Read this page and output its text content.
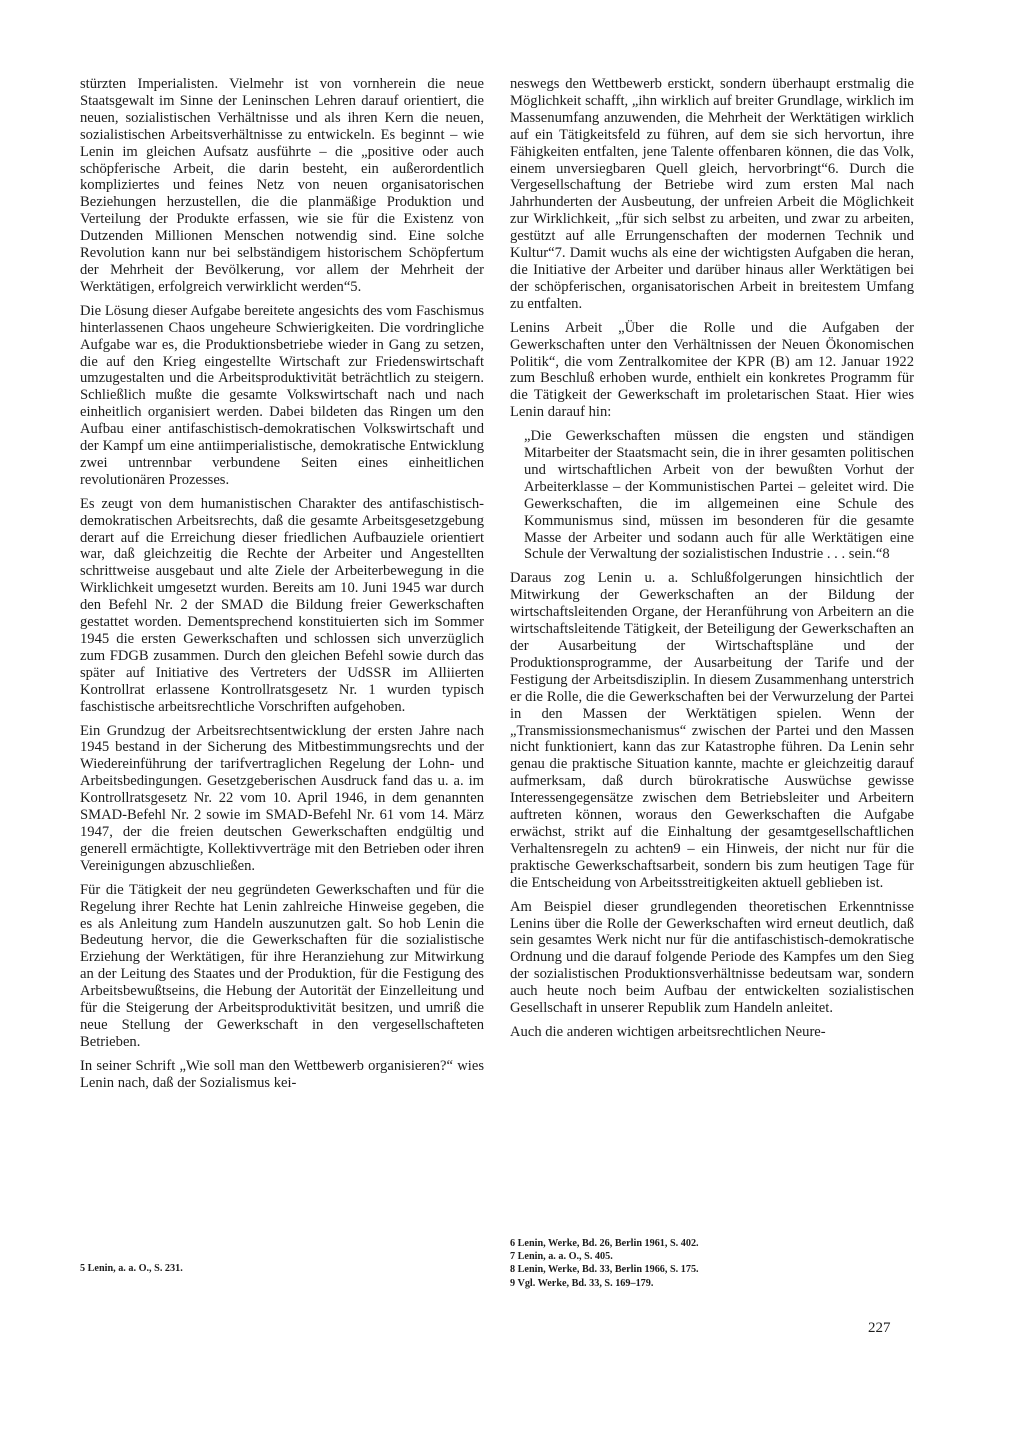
stürzten Imperialisten. Vielmehr ist von vornherein die neue Staatsgewalt im Sinne der Leninschen Lehren darauf orientiert, die neuen, sozialistischen Verhältnisse und als ihren Kern die neuen, sozialistischen Arbeitsverhältnisse zu entwickeln. Es beginnt – wie Lenin im gleichen Aufsatz ausführte – die „positive oder auch schöpferische Arbeit, die darin besteht, ein außerordentlich kompliziertes und feines Netz von neuen organisatorischen Beziehungen herzustellen, die die planmäßige Produktion und Verteilung der Produkte erfassen, wie sie für die Existenz von Dutzenden Millionen Menschen notwendig sind. Eine solche Revolution kann nur bei selbständigem historischem Schöpfertum der Mehrheit der Bevölkerung, vor allem der Mehrheit der Werktätigen, erfolgreich verwirklicht werden“5.

Die Lösung dieser Aufgabe bereitete angesichts des vom Faschismus hinterlassenen Chaos ungeheure Schwierigkeiten. Die vordringliche Aufgabe war es, die Produktionsbetriebe wieder in Gang zu setzen, die auf den Krieg eingestellte Wirtschaft zur Friedenswirtschaft umzugestalten und die Arbeitsproduktivität beträchtlich zu steigern. Schließlich mußte die gesamte Volkswirtschaft nach und nach einheitlich organisiert werden. Dabei bildeten das Ringen um den Aufbau einer antifaschistisch-demokratischen Volkswirtschaft und der Kampf um eine antiimperialistische, demokratische Entwicklung zwei untrennbar verbundene Seiten eines einheitlichen revolutionären Prozesses.

Es zeugt von dem humanistischen Charakter des antifaschistisch-demokratischen Arbeitsrechts, daß die gesamte Arbeitsgesetzgebung derart auf die Erreichung dieser friedlichen Aufbauziele orientiert war, daß gleichzeitig die Rechte der Arbeiter und Angestellten schrittweise ausgebaut und alte Ziele der Arbeiterbewegung in die Wirklichkeit umgesetzt wurden. Bereits am 10. Juni 1945 war durch den Befehl Nr. 2 der SMAD die Bildung freier Gewerkschaften gestattet worden. Dementsprechend konstituierten sich im Sommer 1945 die ersten Gewerkschaften und schlossen sich unverzüglich zum FDGB zusammen. Durch den gleichen Befehl sowie durch das später auf Initiative des Vertreters der UdSSR im Alliierten Kontrollrat erlassene Kontrollratsgesetz Nr. 1 wurden typisch faschistische arbeitsrechtliche Vorschriften aufgehoben.

Ein Grundzug der Arbeitsrechtsentwicklung der ersten Jahre nach 1945 bestand in der Sicherung des Mitbestimmungsrechts und der Wiedereinführung der tarifvertraglichen Regelung der Lohn- und Arbeitsbedingungen. Gesetzgeberischen Ausdruck fand das u. a. im Kontrollratsgesetz Nr. 22 vom 10. April 1946, in dem genannten SMAD-Befehl Nr. 2 sowie im SMAD-Befehl Nr. 61 vom 14. März 1947, der die freien deutschen Gewerkschaften endgültig und generell ermächtigte, Kollektivverträge mit den Betrieben oder ihren Vereinigungen abzuschließen.

Für die Tätigkeit der neu gegründeten Gewerkschaften und für die Regelung ihrer Rechte hat Lenin zahlreiche Hinweise gegeben, die es als Anleitung zum Handeln auszunutzen galt. So hob Lenin die Bedeutung hervor, die die Gewerkschaften für die sozialistische Erziehung der Werktätigen, für ihre Heranziehung zur Mitwirkung an der Leitung des Staates und der Produktion, für die Festigung des Arbeitsbewußtseins, die Hebung der Autorität der Einzelleitung und für die Steigerung der Arbeitsproduktivität besitzen, und umriß die neue Stellung der Gewerkschaft in den vergesellschafteten Betrieben.

In seiner Schrift „Wie soll man den Wettbewerb organisieren?“ wies Lenin nach, daß der Sozialismus kei-

neswegs den Wettbewerb erstickt, sondern überhaupt erstmalig die Möglichkeit schafft, „ihn wirklich auf breiter Grundlage, wirklich im Massenumfang anzuwenden, die Mehrheit der Werktätigen wirklich auf ein Tätigkeitsfeld zu führen, auf dem sie sich hervortun, ihre Fähigkeiten entfalten, jene Talente offenbaren können, die das Volk, einem unversiegbaren Quell gleich, hervorbringt“6. Durch die Vergesellschaftung der Betriebe wird zum ersten Mal nach Jahrhunderten der Ausbeutung, der unfreien Arbeit die Möglichkeit zur Wirklichkeit, „für sich selbst zu arbeiten, und zwar zu arbeiten, gestützt auf alle Errungenschaften der modernen Technik und Kultur“7. Damit wuchs als eine der wichtigsten Aufgaben die heran, die Initiative der Arbeiter und darüber hinaus aller Werktätigen bei der schöpferischen, organisatorischen Arbeit in breitestem Umfang zu entfalten.

Lenins Arbeit „Über die Rolle und die Aufgaben der Gewerkschaften unter den Verhältnissen der Neuen Ökonomischen Politik“, die vom Zentralkomitee der KPR (B) am 12. Januar 1922 zum Beschluß erhoben wurde, enthielt ein konkretes Programm für die Tätigkeit der Gewerkschaft im proletarischen Staat. Hier wies Lenin darauf hin:

„Die Gewerkschaften müssen die engsten und ständigen Mitarbeiter der Staatsmacht sein, die in ihrer gesamten politischen und wirtschaftlichen Arbeit von der bewußten Vorhut der Arbeiterklasse – der Kommunistischen Partei – geleitet wird. Die Gewerkschaften, die im allgemeinen eine Schule des Kommunismus sind, müssen im besonderen für die gesamte Masse der Arbeiter und sodann auch für alle Werktätigen eine Schule der Verwaltung der sozialistischen Industrie . . . sein.“8

Daraus zog Lenin u. a. Schlußfolgerungen hinsichtlich der Mitwirkung der Gewerkschaften an der Bildung der wirtschaftsleitenden Organe, der Heranführung von Arbeitern an die wirtschaftsleitende Tätigkeit, der Beteiligung der Gewerkschaften an der Ausarbeitung der Wirtschaftspläne und der Produktionsprogramme, der Ausarbeitung der Tarife und der Festigung der Arbeitsdisziplin. In diesem Zusammenhang unterstrich er die Rolle, die die Gewerkschaften bei der Verwurzelung der Partei in den Massen der Werktätigen spielen. Wenn der „Transmissionsmechanismus“ zwischen der Partei und den Massen nicht funktioniert, kann das zur Katastrophe führen. Da Lenin sehr genau die praktische Situation kannte, machte er gleichzeitig darauf aufmerksam, daß durch bürokratische Auswüchse gewisse Interessengegensätze zwischen dem Betriebsleiter und Arbeitern auftreten können, woraus den Gewerkschaften die Aufgabe erwächst, strikt auf die Einhaltung der gesamtgesellschaftlichen Verhaltensregeln zu achten9 – ein Hinweis, der nicht nur für die praktische Gewerkschaftsarbeit, sondern bis zum heutigen Tage für die Entscheidung von Arbeitsstreitigkeiten aktuell geblieben ist.

Am Beispiel dieser grundlegenden theoretischen Erkenntnisse Lenins über die Rolle der Gewerkschaften wird erneut deutlich, daß sein gesamtes Werk nicht nur für die antifaschistisch-demokratische Ordnung und die darauf folgende Periode des Kampfes um den Sieg der sozialistischen Produktionsverhältnisse bedeutsam war, sondern auch heute noch beim Aufbau der entwickelten sozialistischen Gesellschaft in unserer Republik zum Handeln anleitet.

Auch die anderen wichtigen arbeitsrechtlichen Neure-

5 Lenin, a. a. O., S. 231.

6 Lenin, Werke, Bd. 26, Berlin 1961, S. 402.

7 Lenin, a. a. O., S. 405.

8 Lenin, Werke, Bd. 33, Berlin 1966, S. 175.

9 Vgl. Werke, Bd. 33, S. 169–179.

227
